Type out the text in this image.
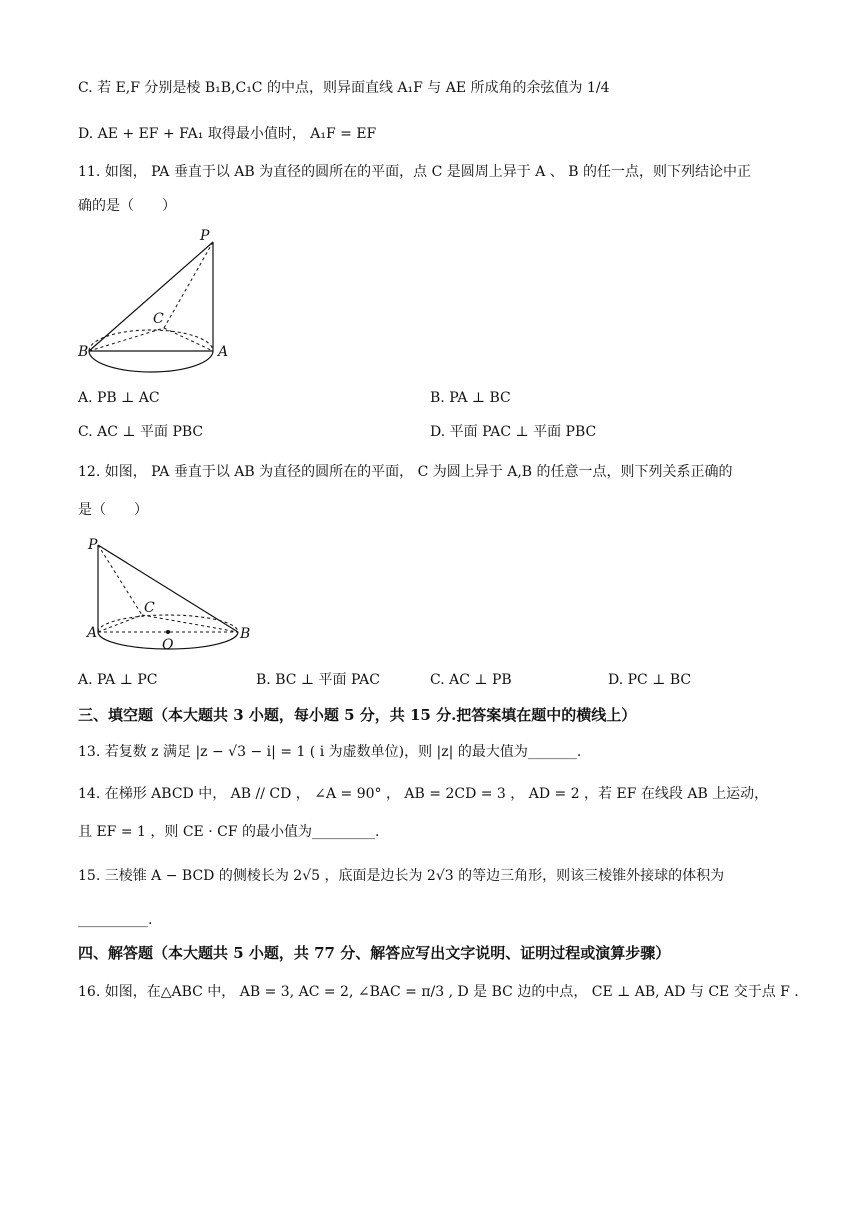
C. 若 E,F 分别是棱 B₁B,C₁C 的中点，则异面直线 A₁F 与 AE 所成角的余弦值为 1/4
D. AE + EF + FA₁ 取得最小值时， A₁F = EF
11. 如图， PA 垂直于以 AB 为直径的圆所在的平面，点 C 是圆周上异于 A 、 B 的任一点，则下列结论中正
确的是（　　）
P
C
B	A
A. PB ⊥ AC	B. PA ⊥ BC
C. AC ⊥ 平面 PBC	D. 平面 PAC ⊥ 平面 PBC
12. 如图， PA 垂直于以 AB 为直径的圆所在的平面， C 为圆上异于 A,B 的任意一点，则下列关系正确的
是（　　）
P
C
A	B
O
A. PA ⊥ PC	B. BC ⊥ 平面 PAC	C. AC ⊥ PB	D. PC ⊥ BC
三、填空题（本大题共 3 小题，每小题 5 分，共 15 分.把答案填在题中的横线上）
13. 若复数 z 满足 |z − √3 − i| = 1 ( i 为虚数单位)，则 |z| 的最大值为_______.
14. 在梯形 ABCD 中， AB // CD ， ∠A = 90° ， AB = 2CD = 3 ， AD = 2 ，若 EF 在线段 AB 上运动，
且 EF = 1 ，则 CE · CF 的最小值为_________.
15. 三棱锥 A − BCD 的侧棱长为 2√5 ，底面是边长为 2√3 的等边三角形，则该三棱锥外接球的体积为
__________.
四、解答题（本大题共 5 小题，共 77 分、解答应写出文字说明、证明过程或演算步骤）
16. 如图，在△ABC 中， AB = 3, AC = 2, ∠BAC = π/3 , D 是 BC 边的中点， CE ⊥ AB, AD 与 CE 交于点 F .
